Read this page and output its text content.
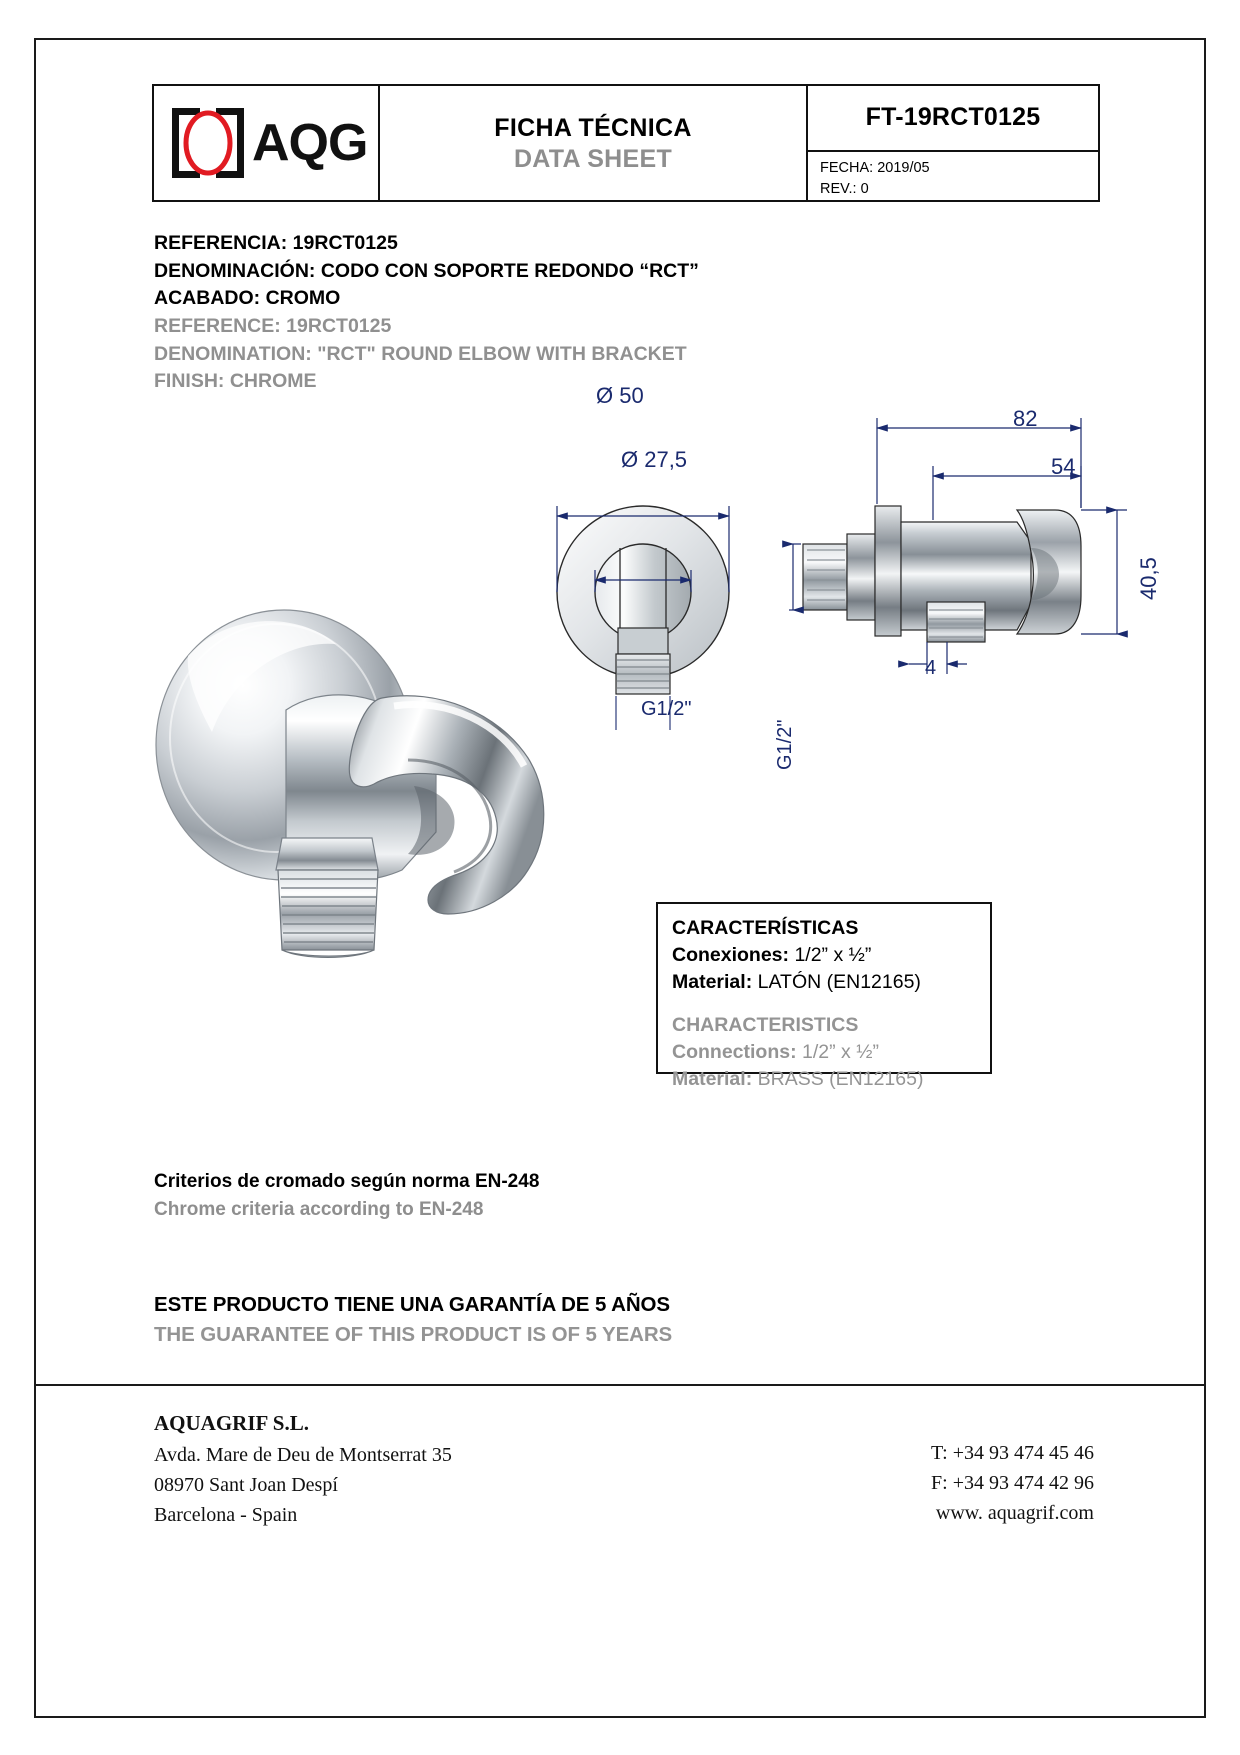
AQG	FICHA TÉCNICA
DATA SHEET
FT-19RCT0125
FECHA: 2019/05
REV.: 0
REFERENCIA: 19RCT0125
DENOMINACIÓN: CODO CON SOPORTE REDONDO “RCT”
ACABADO: CROMO
REFERENCE: 19RCT0125
DENOMINATION: "RCT" ROUND ELBOW WITH BRACKET
FINISH: CHROME
Ø 50
Ø 27,5
G1/2"
G1/2"
82
54
40,5
4
CARACTERÍSTICAS
Conexiones: 1/2” x ½”
Material: LATÓN (EN12165)
CHARACTERISTICS
Connections: 1/2” x ½”
Material: BRASS (EN12165)
Criterios de cromado según norma EN-248
Chrome criteria according to EN-248
ESTE PRODUCTO TIENE UNA GARANTÍA DE 5 AÑOS
THE GUARANTEE OF THIS PRODUCT IS OF 5 YEARS
AQUAGRIF S.L.
Avda. Mare de Deu de Montserrat 35
08970 Sant Joan Despí
Barcelona - Spain
T: +34 93 474 45 46
F: +34 93 474 42 96
www. aquagrif.com
